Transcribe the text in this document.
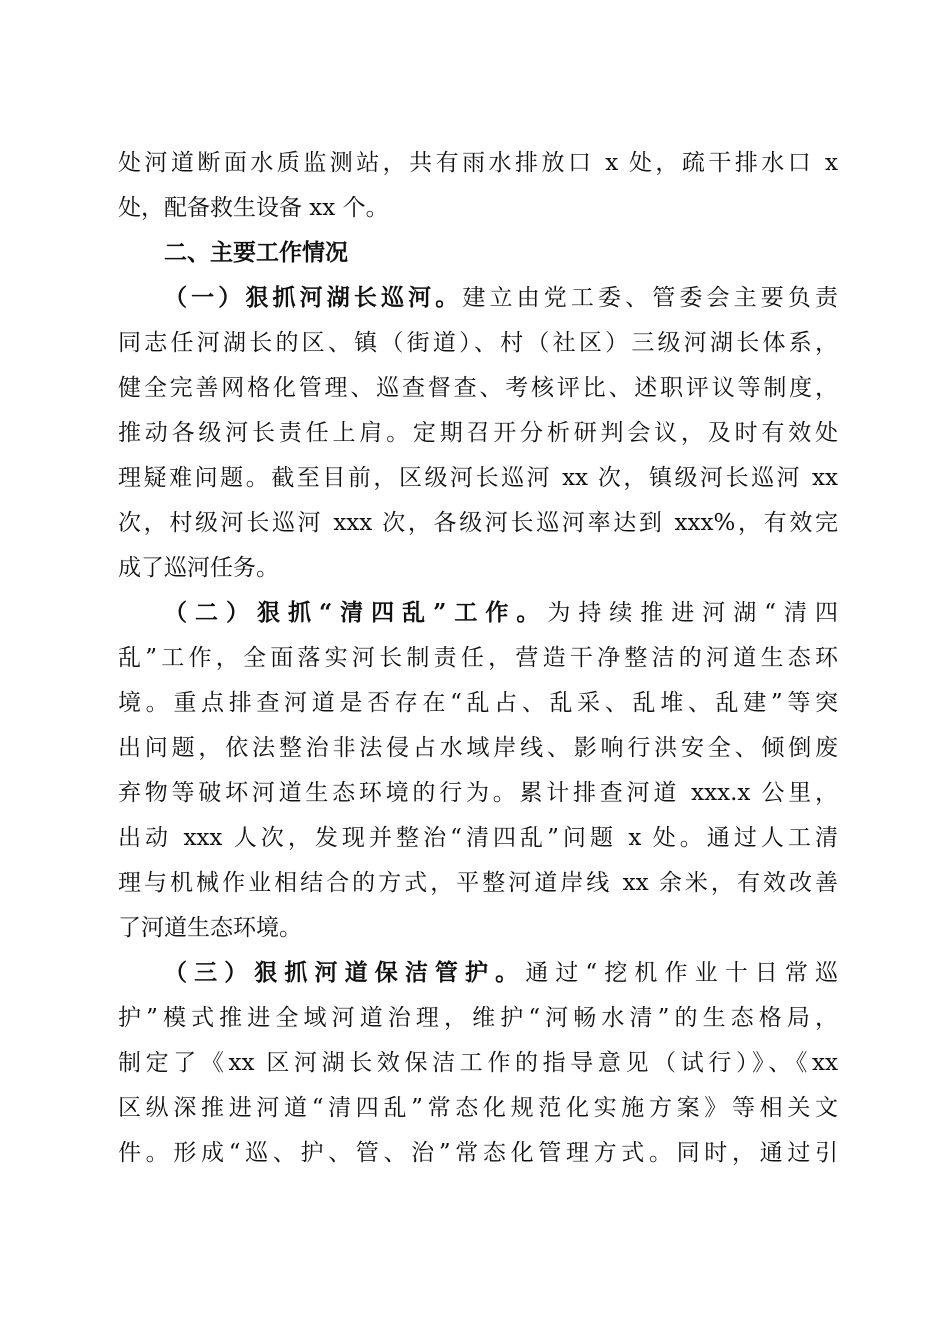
处河道断面水质监测站，共有雨水排放口 x 处，疏干排水口 x
处，配备救生设备 xx 个。
二、主要工作情况
（一）狠抓河湖长巡河。建立由党工委、管委会主要负责
同志任河湖长的区、镇（街道）、村（社区）三级河湖长体系，
健全完善网格化管理、巡查督查、考核评比、述职评议等制度，
推动各级河长责任上肩。定期召开分析研判会议，及时有效处
理疑难问题。截至目前，区级河长巡河 xx 次，镇级河长巡河 xx
次，村级河长巡河 xxx 次，各级河长巡河率达到 xxx%，有效完
成了巡河任务。
（二）狠抓“清四乱”工作。为持续推进河湖“清四
乱”工作，全面落实河长制责任，营造干净整洁的河道生态环
境。重点排查河道是否存在“乱占、乱采、乱堆、乱建”等突
出问题，依法整治非法侵占水域岸线、影响行洪安全、倾倒废
弃物等破坏河道生态环境的行为。累计排查河道 xxx.x 公里，
出动 xxx 人次，发现并整治“清四乱”问题 x 处。通过人工清
理与机械作业相结合的方式，平整河道岸线 xx 余米，有效改善
了河道生态环境。
（三）狠抓河道保洁管护。通过“挖机作业十日常巡
护”模式推进全域河道治理，维护“河畅水清”的生态格局，
制定了《xx 区河湖长效保洁工作的指导意见（试行）》、《xx
区纵深推进河道“清四乱”常态化规范化实施方案》等相关文
件。形成“巡、护、管、治”常态化管理方式。同时，通过引
